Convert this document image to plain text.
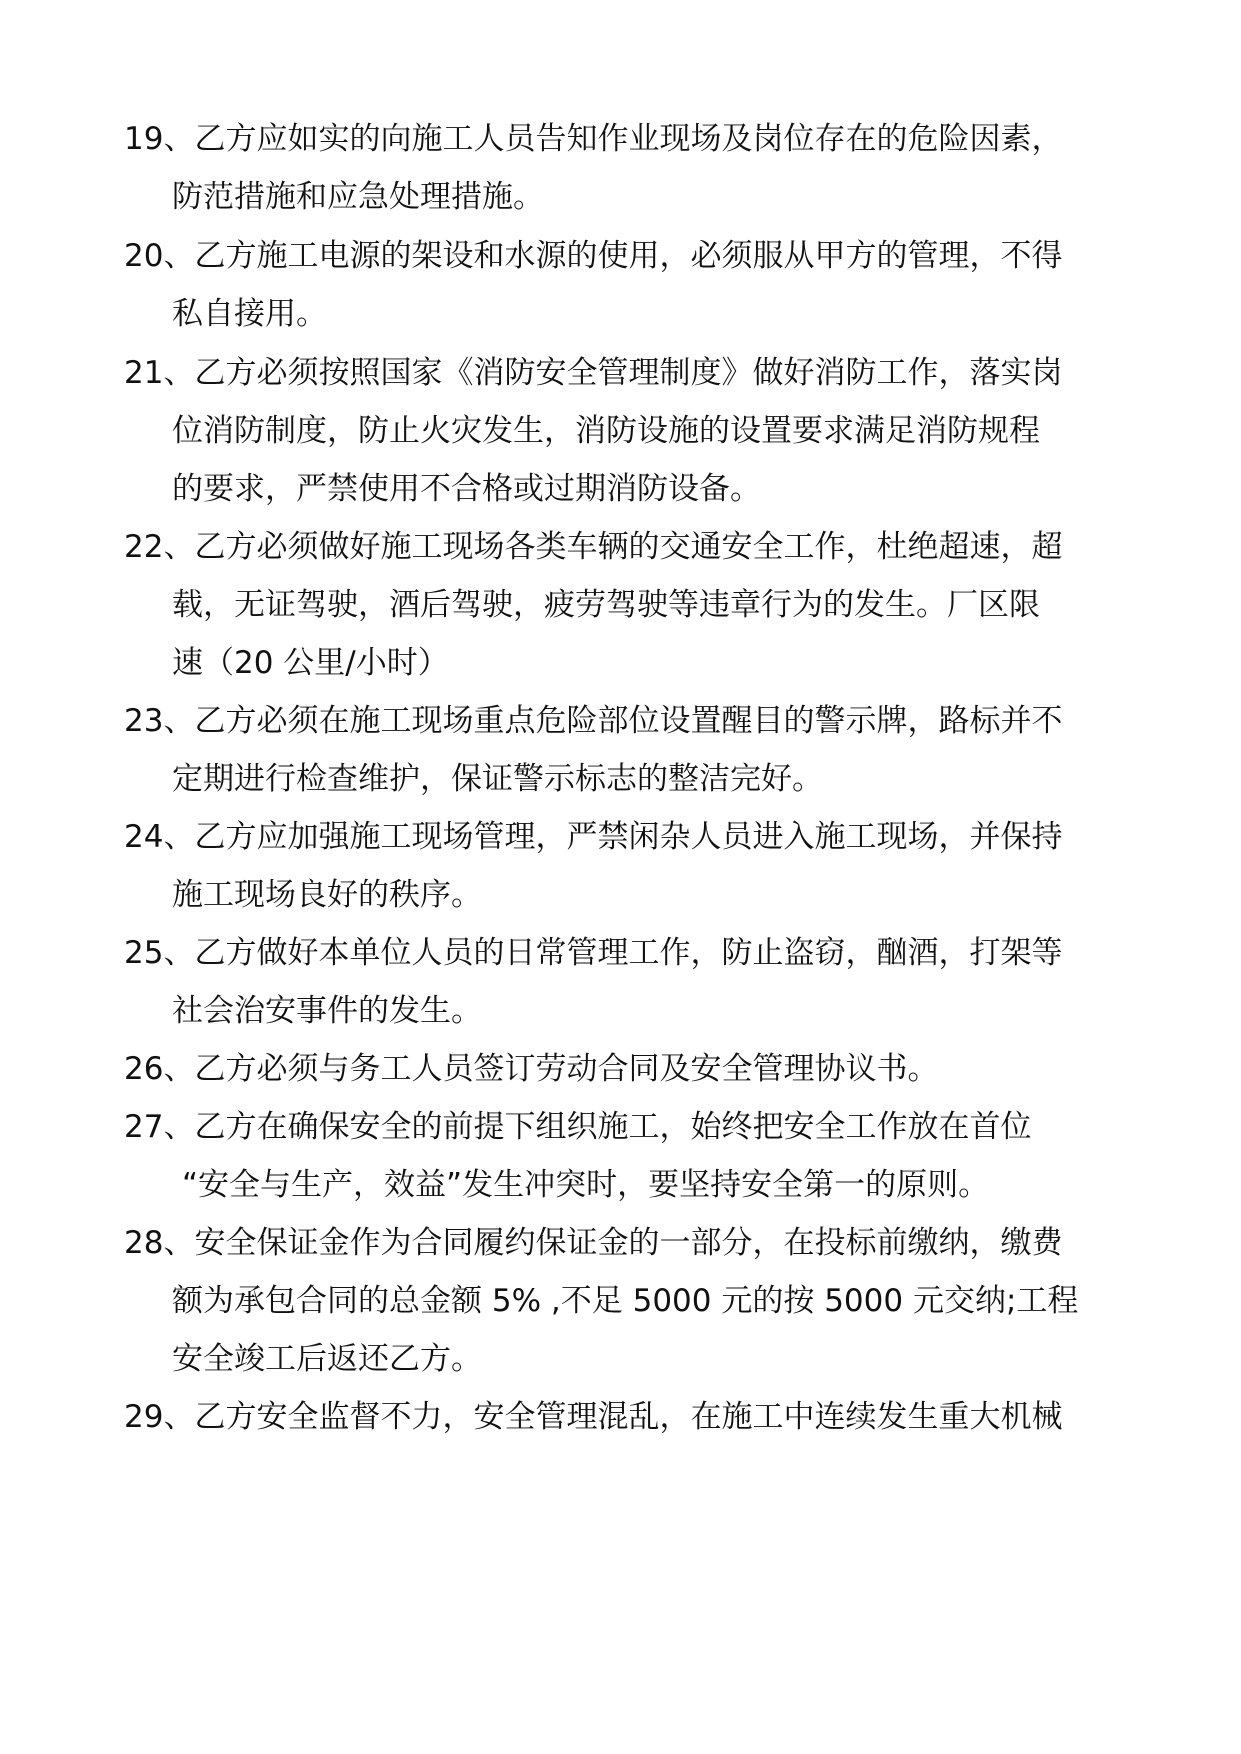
19、乙方应如实的向施工人员告知作业现场及岗位存在的危险因素，
防范措施和应急处理措施。
20、乙方施工电源的架设和水源的使用，必须服从甲方的管理，不得
私自接用。
21、乙方必须按照国家《消防安全管理制度》做好消防工作，落实岗
位消防制度，防止火灾发生，消防设施的设置要求满足消防规程
的要求，严禁使用不合格或过期消防设备。
22、乙方必须做好施工现场各类车辆的交通安全工作，杜绝超速，超
载，无证驾驶，酒后驾驶，疲劳驾驶等违章行为的发生。厂区限
速（20 公里/小时）
23、乙方必须在施工现场重点危险部位设置醒目的警示牌，路标并不
定期进行检查维护，保证警示标志的整洁完好。
24、乙方应加强施工现场管理，严禁闲杂人员进入施工现场，并保持
施工现场良好的秩序。
25、乙方做好本单位人员的日常管理工作，防止盗窃，酗酒，打架等
社会治安事件的发生。
26、乙方必须与务工人员签订劳动合同及安全管理协议书。
27、乙方在确保安全的前提下组织施工，始终把安全工作放在首位
“安全与生产，效益”发生冲突时，要坚持安全第一的原则。
28、安全保证金作为合同履约保证金的一部分，在投标前缴纳，缴费
额为承包合同的总金额 5% ,不足 5000 元的按 5000 元交纳;工程
安全竣工后返还乙方。
29、乙方安全监督不力，安全管理混乱，在施工中连续发生重大机械
